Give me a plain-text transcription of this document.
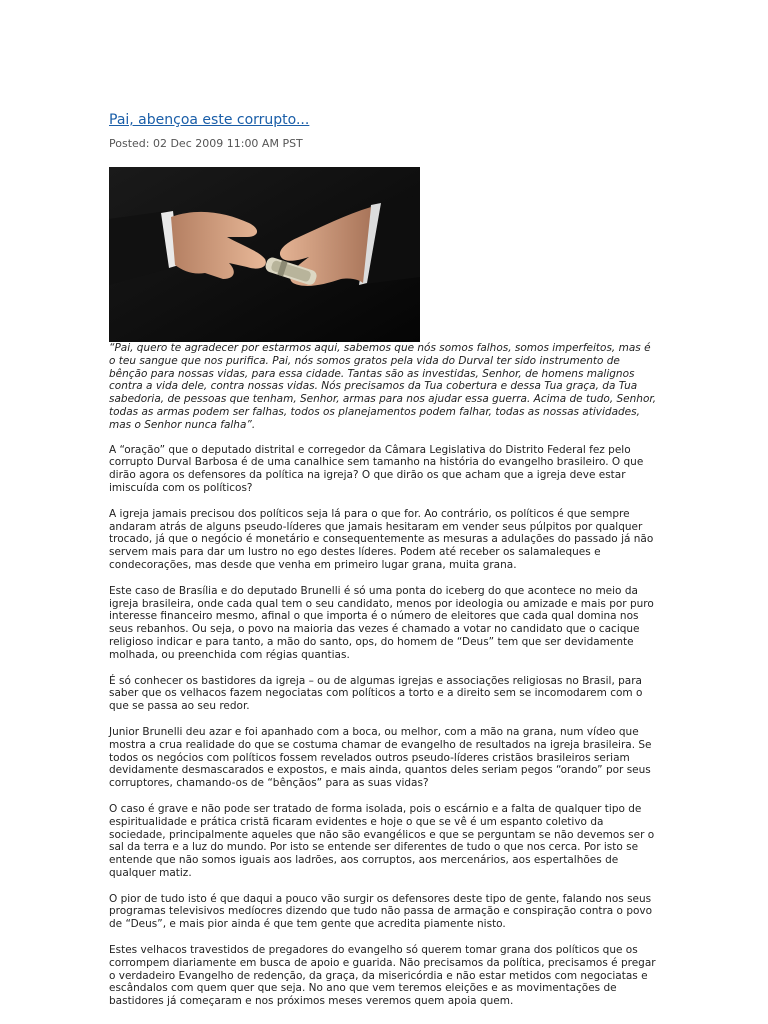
Pai, abençoa este corrupto...
Posted: 02 Dec 2009 11:00 AM PST

“Pai, quero te agradecer por estarmos aqui, sabemos que nós somos falhos, somos imperfeitos, mas é o teu sangue que nos purifica. Pai, nós somos gratos pela vida do Durval ter sido instrumento de bênção para nossas vidas, para essa cidade. Tantas são as investidas, Senhor, de homens malignos contra a vida dele, contra nossas vidas. Nós precisamos da Tua cobertura e dessa Tua graça, da Tua sabedoria, de pessoas que tenham, Senhor, armas para nos ajudar essa guerra. Acima de tudo, Senhor, todas as armas podem ser falhas, todos os planejamentos podem falhar, todas as nossas atividades, mas o Senhor nunca falha”.

A “oração” que o deputado distrital e corregedor da Câmara Legislativa do Distrito Federal fez pelo corrupto Durval Barbosa é de uma canalhice sem tamanho na história do evangelho brasileiro. O que dirão agora os defensores da política na igreja? O que dirão os que acham que a igreja deve estar imiscuída com os políticos?

A igreja jamais precisou dos políticos seja lá para o que for. Ao contrário, os políticos é que sempre andaram atrás de alguns pseudo-líderes que jamais hesitaram em vender seus púlpitos por qualquer trocado, já que o negócio é monetário e consequentemente as mesuras a adulações do passado já não servem mais para dar um lustro no ego destes líderes. Podem até receber os salamaleques e condecorações, mas desde que venha em primeiro lugar grana, muita grana.

Este caso de Brasília e do deputado Brunelli é só uma ponta do iceberg do que acontece no meio da igreja brasileira, onde cada qual tem o seu candidato, menos por ideologia ou amizade e mais por puro interesse financeiro mesmo, afinal o que importa é o número de eleitores que cada qual domina nos seus rebanhos. Ou seja, o povo na maioria das vezes é chamado a votar no candidato que o cacique religioso indicar e para tanto, a mão do santo, ops, do homem de “Deus” tem que ser devidamente molhada, ou preenchida com régias quantias.

É só conhecer os bastidores da igreja – ou de algumas igrejas e associações religiosas no Brasil, para saber que os velhacos fazem negociatas com políticos a torto e a direito sem se incomodarem com o que se passa ao seu redor.

Junior Brunelli deu azar e foi apanhado com a boca, ou melhor, com a mão na grana, num vídeo que mostra a crua realidade do que se costuma chamar de evangelho de resultados na igreja brasileira. Se todos os negócios com políticos fossem revelados outros pseudo-líderes cristãos brasileiros seriam devidamente desmascarados e expostos, e mais ainda, quantos deles seriam pegos “orando” por seus corruptores, chamando-os de “bênçãos” para as suas vidas?

O caso é grave e não pode ser tratado de forma isolada, pois o escárnio e a falta de qualquer tipo de espiritualidade e prática cristã ficaram evidentes e hoje o que se vê é um espanto coletivo da sociedade, principalmente aqueles que não são evangélicos e que se perguntam se não devemos ser o sal da terra e a luz do mundo. Por isto se entende ser diferentes de tudo o que nos cerca. Por isto se entende que não somos iguais aos ladrões, aos corruptos, aos mercenários, aos espertalhões de qualquer matiz.

O pior de tudo isto é que daqui a pouco vão surgir os defensores deste tipo de gente, falando nos seus programas televisivos medíocres dizendo que tudo não passa de armação e conspiração contra o povo de “Deus”, e mais pior ainda é que tem gente que acredita piamente nisto.

Estes velhacos travestidos de pregadores do evangelho só querem tomar grana dos políticos que os corrompem diariamente em busca de apoio e guarida. Não precisamos da política, precisamos é pregar o verdadeiro Evangelho de redenção, da graça, da misericórdia e não estar metidos com negociatas e escândalos com quem quer que seja. No ano que vem teremos eleições e as movimentações de bastidores já começaram e nos próximos meses veremos quem apoia quem.
